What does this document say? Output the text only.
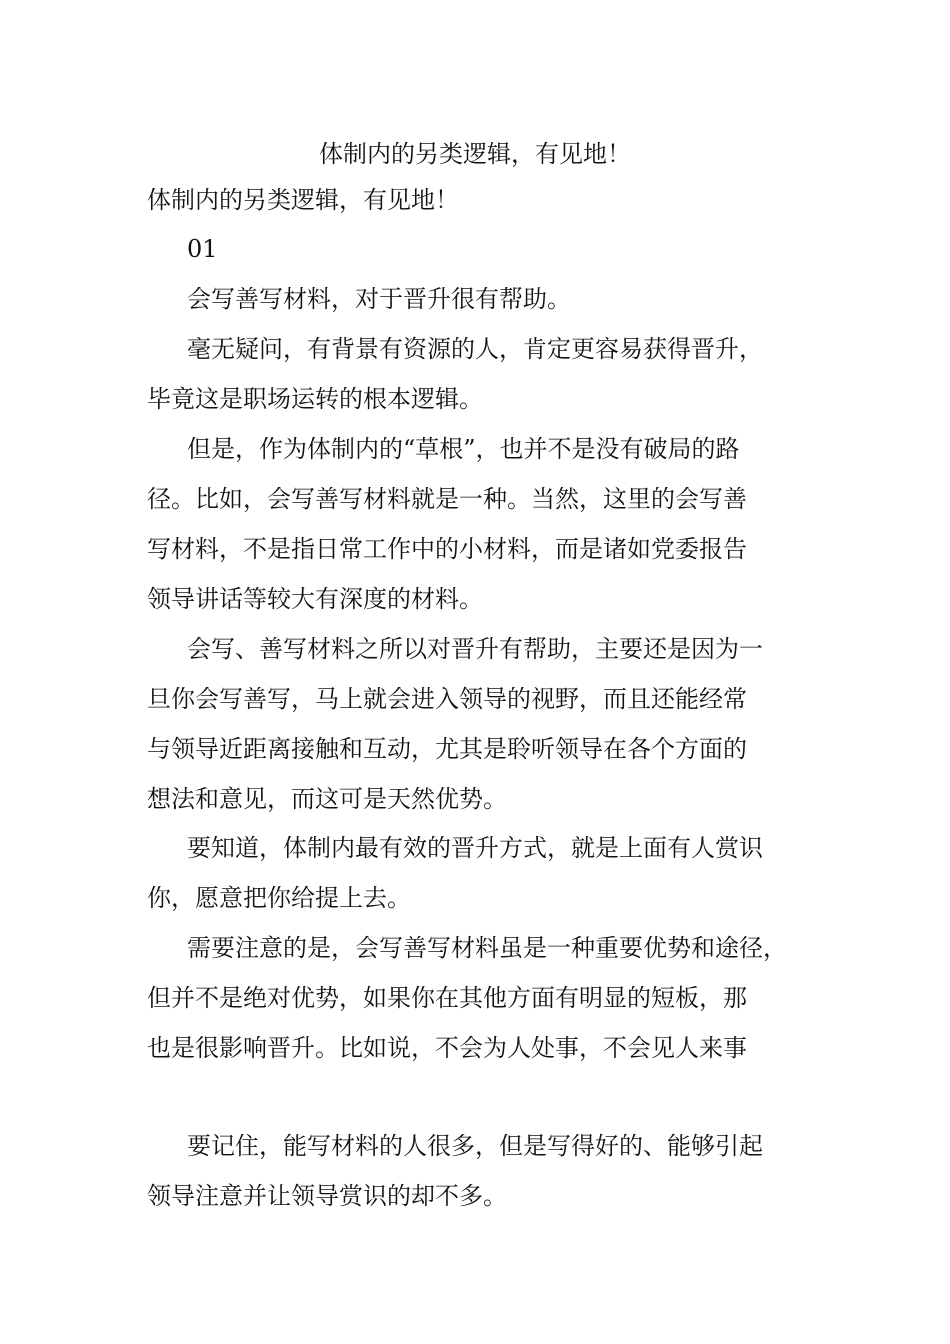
体制内的另类逻辑，有见地！
体制内的另类逻辑，有见地！
01
会写善写材料，对于晋升很有帮助。
毫无疑问，有背景有资源的人，肯定更容易获得晋升，
毕竟这是职场运转的根本逻辑。
但是，作为体制内的“草根”，也并不是没有破局的路
径。比如，会写善写材料就是一种。当然，这里的会写善
写材料，不是指日常工作中的小材料，而是诸如党委报告
领导讲话等较大有深度的材料。
会写、善写材料之所以对晋升有帮助，主要还是因为一
旦你会写善写，马上就会进入领导的视野，而且还能经常
与领导近距离接触和互动，尤其是聆听领导在各个方面的
想法和意见，而这可是天然优势。
要知道，体制内最有效的晋升方式，就是上面有人赏识
你，愿意把你给提上去。
需要注意的是，会写善写材料虽是一种重要优势和途径，
但并不是绝对优势，如果你在其他方面有明显的短板，那
也是很影响晋升。比如说，不会为人处事，不会见人来事
要记住，能写材料的人很多，但是写得好的、能够引起
领导注意并让领导赏识的却不多。
